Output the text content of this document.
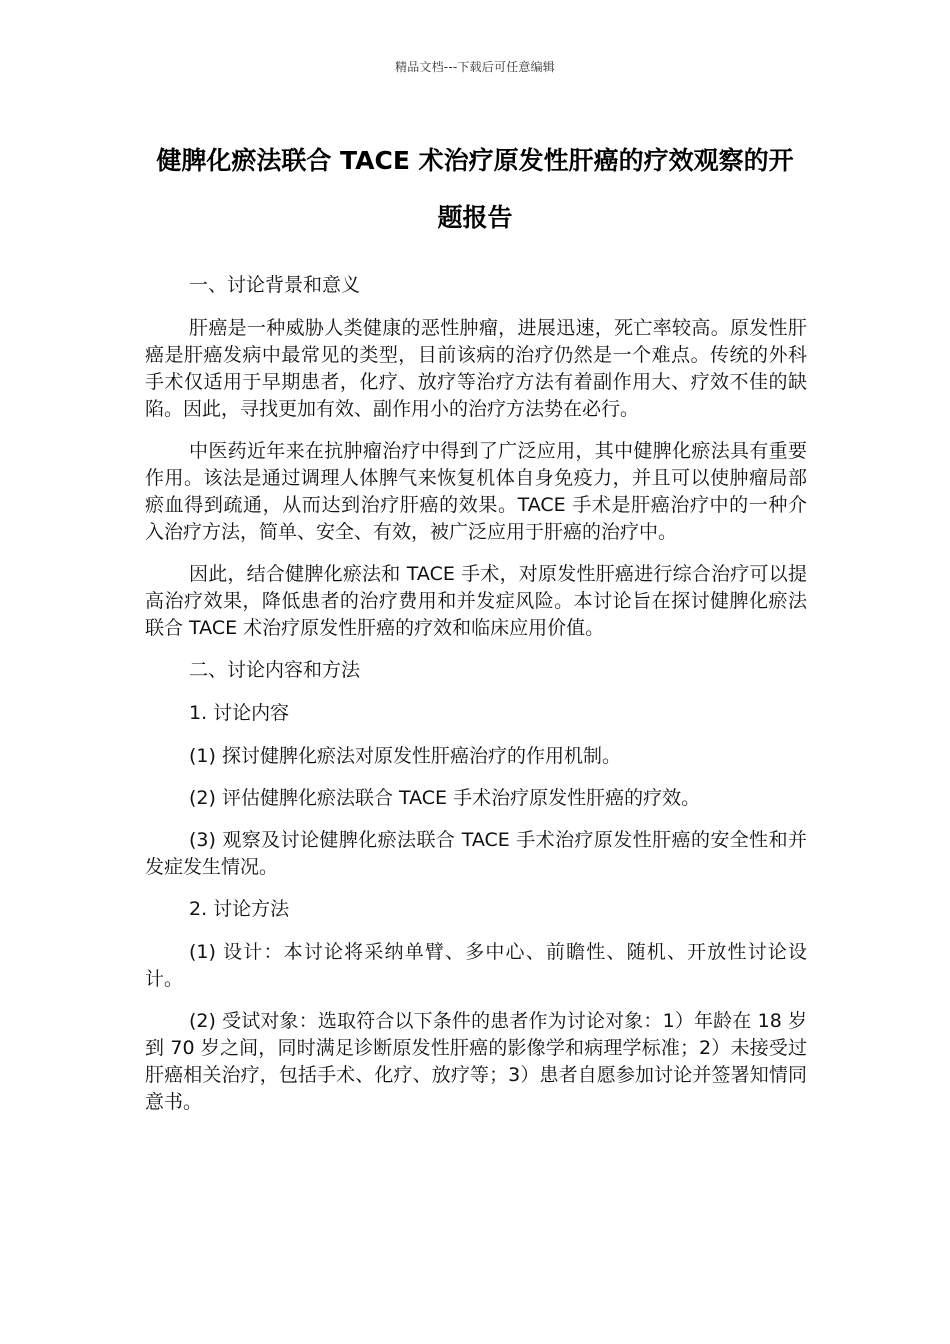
精品文档---下载后可任意编辑
健脾化瘀法联合 TACE 术治疗原发性肝癌的疗效观察的开题报告

一、讨论背景和意义

肝癌是一种威胁人类健康的恶性肿瘤，进展迅速，死亡率较高。原发性肝癌是肝癌发病中最常见的类型，目前该病的治疗仍然是一个难点。传统的外科手术仅适用于早期患者，化疗、放疗等治疗方法有着副作用大、疗效不佳的缺陷。因此，寻找更加有效、副作用小的治疗方法势在必行。

中医药近年来在抗肿瘤治疗中得到了广泛应用，其中健脾化瘀法具有重要作用。该法是通过调理人体脾气来恢复机体自身免疫力，并且可以使肿瘤局部瘀血得到疏通，从而达到治疗肝癌的效果。TACE 手术是肝癌治疗中的一种介入治疗方法，简单、安全、有效，被广泛应用于肝癌的治疗中。

因此，结合健脾化瘀法和 TACE 手术，对原发性肝癌进行综合治疗可以提高治疗效果，降低患者的治疗费用和并发症风险。本讨论旨在探讨健脾化瘀法联合 TACE 术治疗原发性肝癌的疗效和临床应用价值。

二、讨论内容和方法

1. 讨论内容

(1) 探讨健脾化瘀法对原发性肝癌治疗的作用机制。

(2) 评估健脾化瘀法联合 TACE 手术治疗原发性肝癌的疗效。

(3) 观察及讨论健脾化瘀法联合 TACE 手术治疗原发性肝癌的安全性和并发症发生情况。

2. 讨论方法

(1) 设计：本讨论将采纳单臂、多中心、前瞻性、随机、开放性讨论设计。

(2) 受试对象：选取符合以下条件的患者作为讨论对象：1）年龄在 18 岁到 70 岁之间，同时满足诊断原发性肝癌的影像学和病理学标准；2）未接受过肝癌相关治疗，包括手术、化疗、放疗等；3）患者自愿参加讨论并签署知情同意书。
